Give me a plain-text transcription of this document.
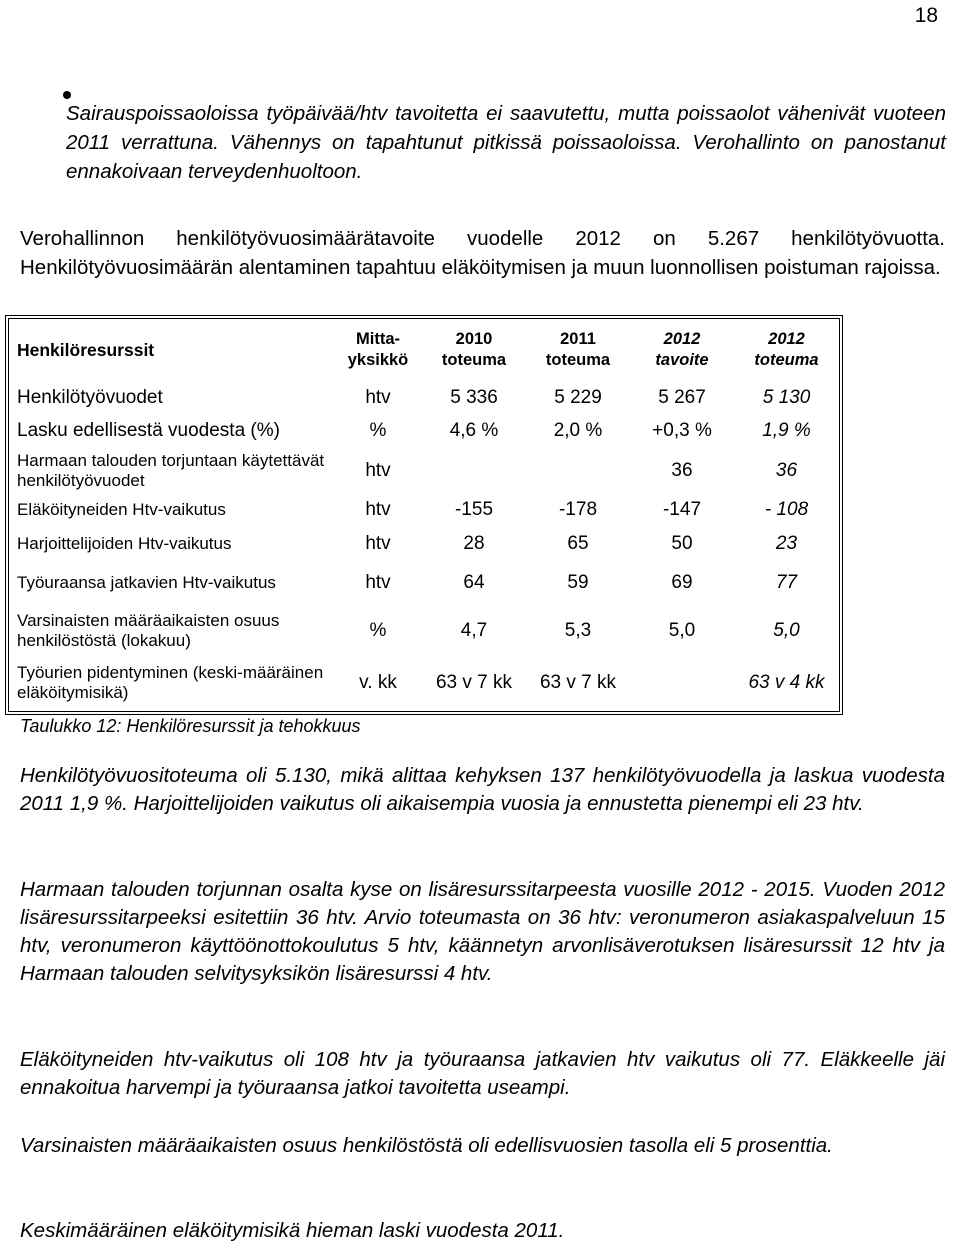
18

Sairauspoissaoloissa työpäivää/htv tavoitetta ei saavutettu, mutta poissaolot vähenivät vuoteen 2011 verrattuna. Vähennys on tapahtunut pitkissä poissaoloissa. Verohallinto on panostanut ennakoivaan terveydenhuoltoon.

Verohallinnon henkilötyövuosimäärätavoite vuodelle 2012 on 5.267 henkilötyövuotta. Henkilötyövuosimäärän alentaminen tapahtuu eläköitymisen ja muun luonnollisen poistuman rajoissa.

Henkilöresurssit	Mitta-yksikkö	2010 toteuma	2011 toteuma	2012 tavoite	2012 toteuma
Henkilötyövuodet	htv	5 336	5 229	5 267	5 130
Lasku edellisestä vuodesta (%)	%	4,6 %	2,0 %	+0,3 %	1,9 %
Harmaan talouden torjuntaan käytettävät henkilötyövuodet	htv			36	36
Eläköityneiden Htv-vaikutus	htv	-155	-178	-147	- 108
Harjoittelijoiden Htv-vaikutus	htv	28	65	50	23
Työuraansa jatkavien Htv-vaikutus	htv	64	59	69	77
Varsinaisten määräaikaisten osuus henkilöstöstä (lokakuu)	%	4,7	5,3	5,0	5,0
Työurien pidentyminen (keski-määräinen eläköitymisikä)	v. kk	63 v 7 kk	63 v 7 kk		63 v 4 kk
Taulukko 12: Henkilöresurssit ja tehokkuus

Henkilötyövuositoteuma oli 5.130, mikä alittaa kehyksen 137 henkilötyövuodella ja laskua vuodesta 2011 1,9 %. Harjoittelijoiden vaikutus oli aikaisempia vuosia ja ennustetta pienempi eli 23 htv.

Harmaan talouden torjunnan osalta kyse on lisäresurssitarpeesta vuosille 2012 - 2015. Vuoden 2012 lisäresurssitarpeeksi esitettiin 36 htv. Arvio toteumasta on 36 htv: veronumeron asiakaspalveluun 15 htv, veronumeron käyttöönottokoulutus 5 htv, käännetyn arvonlisäverotuksen lisäresurssit 12 htv ja Harmaan talouden selvitysyksikön lisäresurssi 4 htv.

Eläköityneiden htv-vaikutus oli 108 htv ja työuraansa jatkavien htv vaikutus oli 77. Eläkkeelle jäi ennakoitua harvempi ja työuraansa jatkoi tavoitetta useampi.

Varsinaisten määräaikaisten osuus henkilöstöstä oli edellisvuosien tasolla eli 5 prosenttia.

Keskimääräinen eläköitymisikä hieman laski vuodesta 2011.
